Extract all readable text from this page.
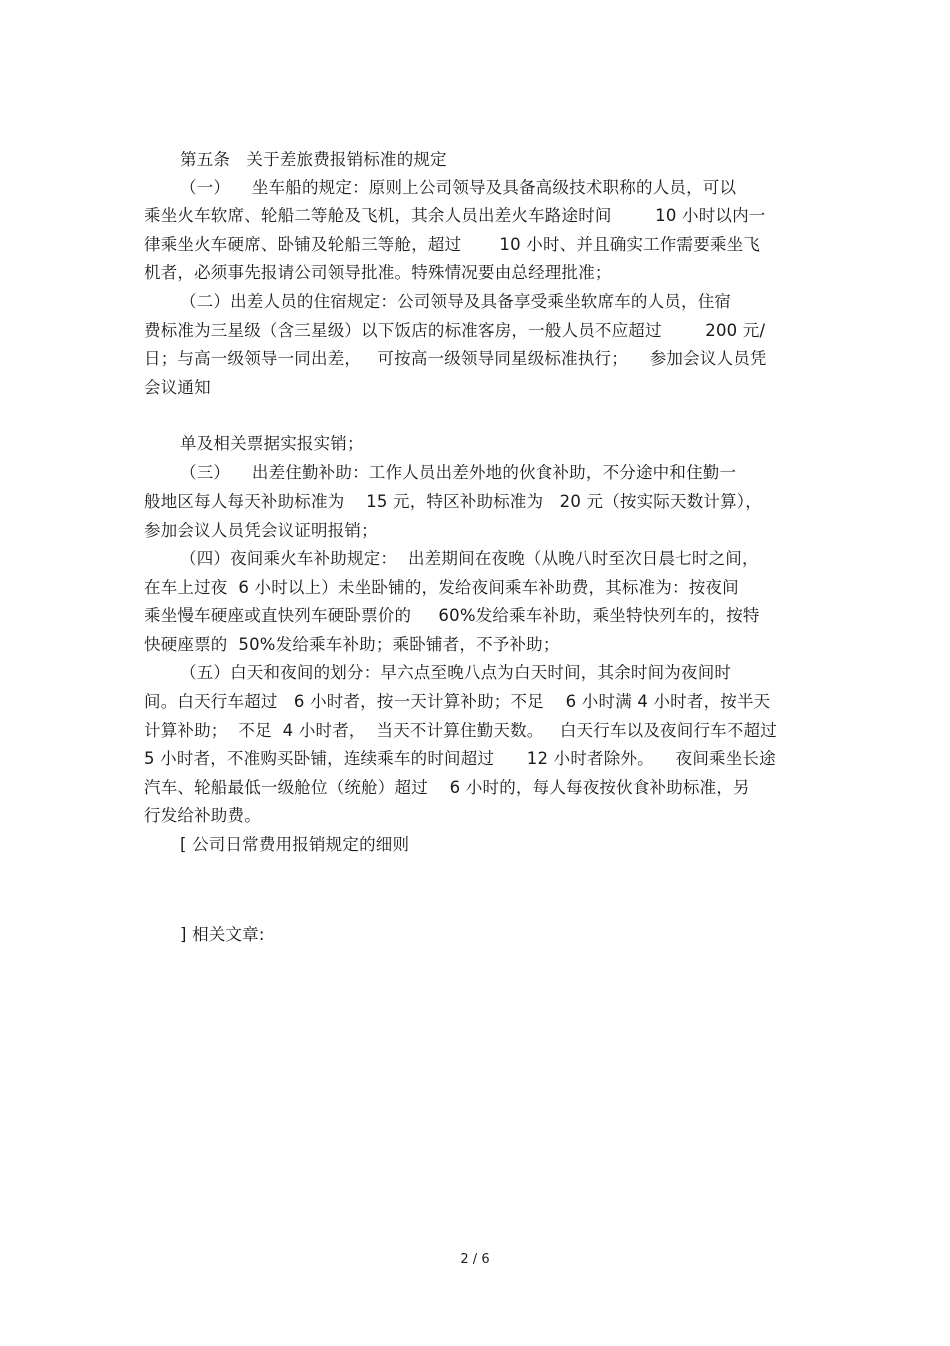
第五条   关于差旅费报销标准的规定
（一）    坐车船的规定：原则上公司领导及具备高级技术职称的人员，可以
乘坐火车软席、轮船二等舱及飞机，其余人员出差火车路途时间        10 小时以内一
律乘坐火车硬席、卧铺及轮船三等舱，超过       10 小时、并且确实工作需要乘坐飞
机者，必须事先报请公司领导批准。特殊情况要由总经理批准；
（二）出差人员的住宿规定：公司领导及具备享受乘坐软席车的人员，住宿
费标准为三星级（含三星级）以下饭店的标准客房，一般人员不应超过        200 元/
日；与高一级领导一同出差，   可按高一级领导同星级标准执行；    参加会议人员凭
会议通知
单及相关票据实报实销；
（三）    出差住勤补助：工作人员出差外地的伙食补助，不分途中和住勤一
般地区每人每天补助标准为    15 元，特区补助标准为   20 元（按实际天数计算），
参加会议人员凭会议证明报销；
（四）夜间乘火车补助规定：  出差期间在夜晚（从晚八时至次日晨七时之间，
在车上过夜  6 小时以上）未坐卧铺的，发给夜间乘车补助费，其标准为：按夜间
乘坐慢车硬座或直快列车硬卧票价的     60%发给乘车补助，乘坐特快列车的，按特
快硬座票的  50%发给乘车补助；乘卧铺者，不予补助；
（五）白天和夜间的划分：早六点至晚八点为白天时间，其余时间为夜间时
间。白天行车超过   6 小时者，按一天计算补助；不足    6 小时满 4 小时者，按半天
计算补助；  不足  4 小时者，  当天不计算住勤天数。   白天行车以及夜间行车不超过
5 小时者，不准购买卧铺，连续乘车的时间超过      12 小时者除外。    夜间乘坐长途
汽车、轮船最低一级舱位（统舱）超过    6 小时的，每人每夜按伙食补助标准，另
行发给补助费。
[ 公司日常费用报销规定的细则
] 相关文章:
2 / 6
